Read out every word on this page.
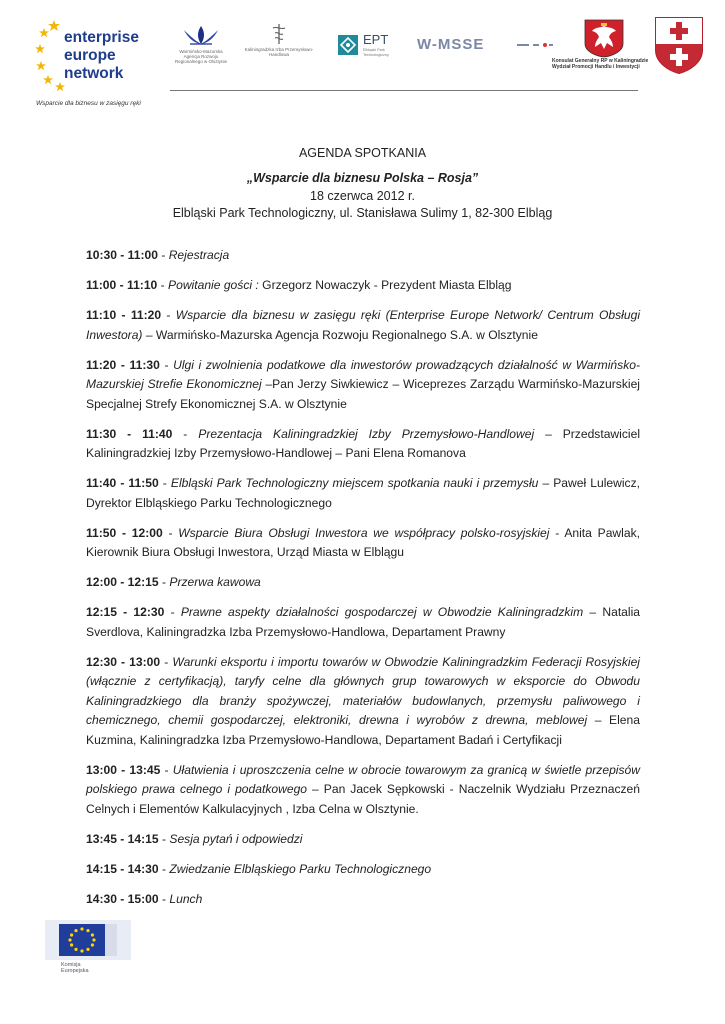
enterprise
europe
network
Wsparcie dla biznesu w zasięgu ręki
Warmińsko-Mazurska Agencja Rozwoju Regionalnego w Olsztynie
Kaliningradzka Izba Przemysłowo-Handlowa
EPT
Elbląski Park Technologiczny
W-MSSE
Konsulat Generalny RP w Kaliningradzie
Wydział Promocji Handlu i Inwestycji
AGENDA SPOTKANIA
„Wsparcie dla biznesu Polska – Rosja”
18 czerwca 2012 r.
Elbląski Park Technologiczny, ul. Stanisława Sulimy 1, 82-300 Elbląg
10:30 - 11:00 - Rejestracja
11:00 - 11:10 - Powitanie gości : Grzegorz Nowaczyk - Prezydent Miasta Elbląg
11:10 - 11:20 - Wsparcie dla biznesu w zasięgu ręki (Enterprise Europe Network/ Centrum Obsługi Inwestora) – Warmińsko-Mazurska Agencja Rozwoju Regionalnego S.A. w Olsztynie
11:20 - 11:30 - Ulgi i zwolnienia podatkowe dla inwestorów prowadzących działalność w Warmińsko-Mazurskiej Strefie Ekonomicznej –Pan Jerzy Siwkiewicz – Wiceprezes Zarządu Warmińsko-Mazurskiej Specjalnej Strefy Ekonomicznej S.A. w Olsztynie
11:30 - 11:40 - Prezentacja Kaliningradzkiej Izby Przemysłowo-Handlowej – Przedstawiciel Kaliningradzkiej Izby Przemysłowo-Handlowej – Pani Elena Romanova
11:40 - 11:50 - Elbląski Park Technologiczny miejscem spotkania nauki i przemysłu – Paweł Lulewicz, Dyrektor Elbląskiego Parku Technologicznego
11:50 - 12:00 - Wsparcie Biura Obsługi Inwestora we współpracy polsko-rosyjskiej - Anita Pawlak, Kierownik Biura Obsługi Inwestora, Urząd Miasta w Elblągu
12:00 - 12:15 - Przerwa kawowa
12:15 - 12:30 - Prawne aspekty działalności gospodarczej w Obwodzie Kaliningradzkim – Natalia Sverdlova, Kaliningradzka Izba Przemysłowo-Handlowa, Departament Prawny
12:30 - 13:00 - Warunki eksportu i importu towarów w Obwodzie Kaliningradzkim Federacji Rosyjskiej (włącznie z certyfikacją), taryfy celne dla głównych grup towarowych w eksporcie do Obwodu Kaliningradzkiego dla branży spożywczej, materiałów budowlanych, przemysłu paliwowego i chemicznego, chemii gospodarczej, elektroniki, drewna i wyrobów z drewna, meblowej – Elena Kuzmina, Kaliningradzka Izba Przemysłowo-Handlowa, Departament Badań i Certyfikacji
13:00 - 13:45 - Ułatwienia i uproszczenia celne w obrocie towarowym za granicą w świetle przepisów polskiego prawa celnego i podatkowego – Pan Jacek Sępkowski - Naczelnik Wydziału Przeznaczeń Celnych i Elementów Kalkulacyjnych , Izba Celna w Olsztynie.
13:45 - 14:15 - Sesja pytań i odpowiedzi
14:15 - 14:30 - Zwiedzanie Elbląskiego Parku Technologicznego
14:30 - 15:00 - Lunch
Komisja
Europejska
